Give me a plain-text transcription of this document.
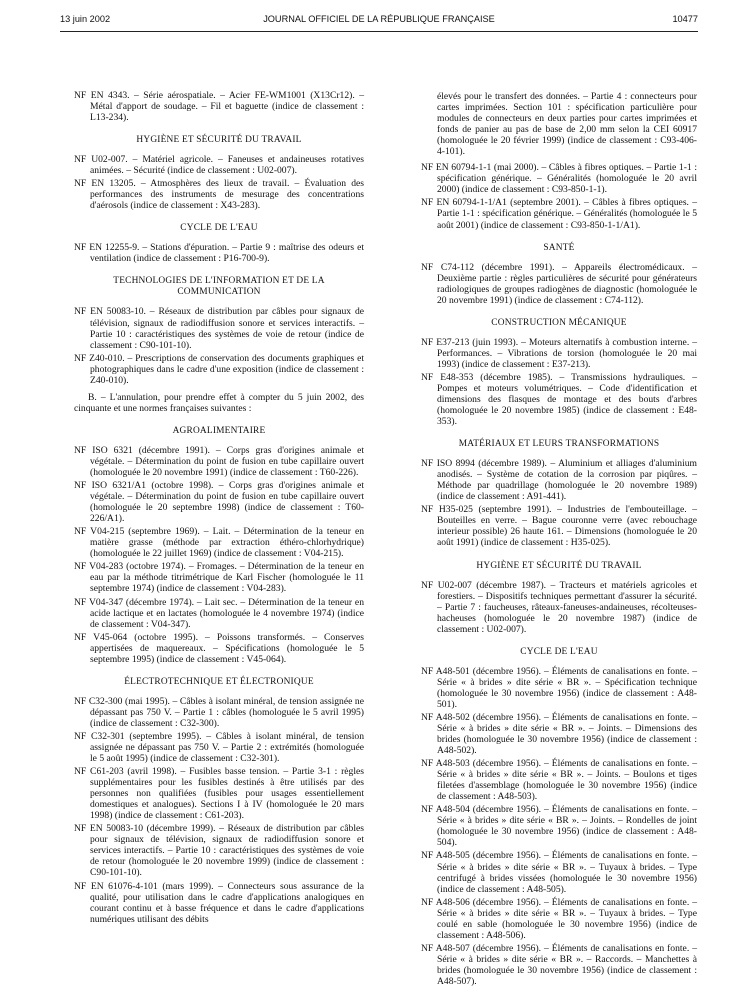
13 juin 2002	JOURNAL OFFICIEL DE LA RÉPUBLIQUE FRANÇAISE	10477

NF EN 4343. – Série aérospatiale. – Acier FE-WM1001 (X13Cr12). – Métal d'apport de soudage. – Fil et baguette (indice de classement : L13-234).

HYGIÈNE ET SÉCURITÉ DU TRAVAIL

NF U02-007. – Matériel agricole. – Faneuses et andaineuses rotatives animées. – Sécurité (indice de classement : U02-007).

NF EN 13205. – Atmosphères des lieux de travail. – Évaluation des performances des instruments de mesurage des concentrations d'aérosols (indice de classement : X43-283).

CYCLE DE L'EAU

NF EN 12255-9. – Stations d'épuration. – Partie 9 : maîtrise des odeurs et ventilation (indice de classement : P16-700-9).

TECHNOLOGIES DE L'INFORMATION ET DE LA COMMUNICATION

NF EN 50083-10. – Réseaux de distribution par câbles pour signaux de télévision, signaux de radiodiffusion sonore et services interactifs. – Partie 10 : caractéristiques des systèmes de voie de retour (indice de classement : C90-101-10).

NF Z40-010. – Prescriptions de conservation des documents graphiques et photographiques dans le cadre d'une exposition (indice de classement : Z40-010).

B. – L'annulation, pour prendre effet à compter du 5 juin 2002, des cinquante et une normes françaises suivantes :

AGROALIMENTAIRE

NF ISO 6321 (décembre 1991). – Corps gras d'origines animale et végétale. – Détermination du point de fusion en tube capillaire ouvert (homologuée le 20 novembre 1991) (indice de classement : T60-226).

NF ISO 6321/A1 (octobre 1998). – Corps gras d'origines animale et végétale. – Détermination du point de fusion en tube capillaire ouvert (homologuée le 20 septembre 1998) (indice de classement : T60-226/A1).

NF V04-215 (septembre 1969). – Lait. – Détermination de la teneur en matière grasse (méthode par extraction éthéro-chlorhydrique) (homologuée le 22 juillet 1969) (indice de classement : V04-215).

NF V04-283 (octobre 1974). – Fromages. – Détermination de la teneur en eau par la méthode titrimétrique de Karl Fischer (homologuée le 11 septembre 1974) (indice de classement : V04-283).

NF V04-347 (décembre 1974). – Lait sec. – Détermination de la teneur en acide lactique et en lactates (homologuée le 4 novembre 1974) (indice de classement : V04-347).

NF V45-064 (octobre 1995). – Poissons transformés. – Conserves appertisées de maquereaux. – Spécifications (homologuée le 5 septembre 1995) (indice de classement : V45-064).

ÉLECTROTECHNIQUE ET ÉLECTRONIQUE

NF C32-300 (mai 1995). – Câbles à isolant minéral, de tension assignée ne dépassant pas 750 V. – Partie 1 : câbles (homologuée le 5 avril 1995) (indice de classement : C32-300).

NF C32-301 (septembre 1995). – Câbles à isolant minéral, de tension assignée ne dépassant pas 750 V. – Partie 2 : extrémités (homologuée le 5 août 1995) (indice de classement : C32-301).

NF C61-203 (avril 1998). – Fusibles basse tension. – Partie 3-1 : règles supplémentaires pour les fusibles destinés à être utilisés par des personnes non qualifiées (fusibles pour usages essentiellement domestiques et analogues). Sections I à IV (homologuée le 20 mars 1998) (indice de classement : C61-203).

NF EN 50083-10 (décembre 1999). – Réseaux de distribution par câbles pour signaux de télévision, signaux de radiodiffusion sonore et services interactifs. – Partie 10 : caractéristiques des systèmes de voie de retour (homologuée le 20 novembre 1999) (indice de classement : C90-101-10).

NF EN 61076-4-101 (mars 1999). – Connecteurs sous assurance de la qualité, pour utilisation dans le cadre d'applications analogiques en courant continu et à basse fréquence et dans le cadre d'applications numériques utilisant des débits

élevés pour le transfert des données. – Partie 4 : connecteurs pour cartes imprimées. Section 101 : spécification particulière pour modules de connecteurs en deux parties pour cartes imprimées et fonds de panier au pas de base de 2,00 mm selon la CEI 60917 (homologuée le 20 février 1999) (indice de classement : C93-406-4-101).

NF EN 60794-1-1 (mai 2000). – Câbles à fibres optiques. – Partie 1-1 : spécification générique. – Généralités (homologuée le 20 avril 2000) (indice de classement : C93-850-1-1).

NF EN 60794-1-1/A1 (septembre 2001). – Câbles à fibres optiques. – Partie 1-1 : spécification générique. – Généralités (homologuée le 5 août 2001) (indice de classement : C93-850-1-1/A1).

SANTÉ

NF C74-112 (décembre 1991). – Appareils électromédicaux. – Deuxième partie : règles particulières de sécurité pour générateurs radiologiques de groupes radiogènes de diagnostic (homologuée le 20 novembre 1991) (indice de classement : C74-112).

CONSTRUCTION MÉCANIQUE

NF E37-213 (juin 1993). – Moteurs alternatifs à combustion interne. – Performances. – Vibrations de torsion (homologuée le 20 mai 1993) (indice de classement : E37-213).

NF E48-353 (décembre 1985). – Transmissions hydrauliques. – Pompes et moteurs volumétriques. – Code d'identification et dimensions des flasques de montage et des bouts d'arbres (homologuée le 20 novembre 1985) (indice de classement : E48-353).

MATÉRIAUX ET LEURS TRANSFORMATIONS

NF ISO 8994 (décembre 1989). – Aluminium et alliages d'aluminium anodisés. – Système de cotation de la corrosion par piqûres. – Méthode par quadrillage (homologuée le 20 novembre 1989) (indice de classement : A91-441).

NF H35-025 (septembre 1991). – Industries de l'embouteillage. – Bouteilles en verre. – Bague couronne verre (avec rebouchage interieur possible) 26 haute 161. – Dimensions (homologuée le 20 août 1991) (indice de classement : H35-025).

HYGIÈNE ET SÉCURITÉ DU TRAVAIL

NF U02-007 (décembre 1987). – Tracteurs et matériels agricoles et forestiers. – Dispositifs techniques permettant d'assurer la sécurité. – Partie 7 : faucheuses, râteaux-faneuses-andaineuses, récolteuses-hacheuses (homologuée le 20 novembre 1987) (indice de classement : U02-007).

CYCLE DE L'EAU

NF A48-501 (décembre 1956). – Éléments de canalisations en fonte. – Série « à brides » dite série « BR ». – Spécification technique (homologuée le 30 novembre 1956) (indice de classement : A48-501).

NF A48-502 (décembre 1956). – Éléments de canalisations en fonte. – Série « à brides » dite série « BR ». – Joints. – Dimensions des brides (homologuée le 30 novembre 1956) (indice de classement : A48-502).

NF A48-503 (décembre 1956). – Éléments de canalisations en fonte. – Série « à brides » dite série « BR ». – Joints. – Boulons et tiges filetées d'assemblage (homologuée le 30 novembre 1956) (indice de classement : A48-503).

NF A48-504 (décembre 1956). – Éléments de canalisations en fonte. – Série « à brides » dite série « BR ». – Joints. – Rondelles de joint (homologuée le 30 novembre 1956) (indice de classement : A48-504).

NF A48-505 (décembre 1956). – Éléments de canalisations en fonte. – Série « à brides » dite série « BR ». – Tuyaux à brides. – Type centrifugé à brides vissées (homologuée le 30 novembre 1956) (indice de classement : A48-505).

NF A48-506 (décembre 1956). – Éléments de canalisations en fonte. – Série « à brides » dite série « BR ». – Tuyaux à brides. – Type coulé en sable (homologuée le 30 novembre 1956) (indice de classement : A48-506).

NF A48-507 (décembre 1956). – Éléments de canalisations en fonte. – Série « à brides » dite série « BR ». – Raccords. – Manchettes à brides (homologuée le 30 novembre 1956) (indice de classement : A48-507).
